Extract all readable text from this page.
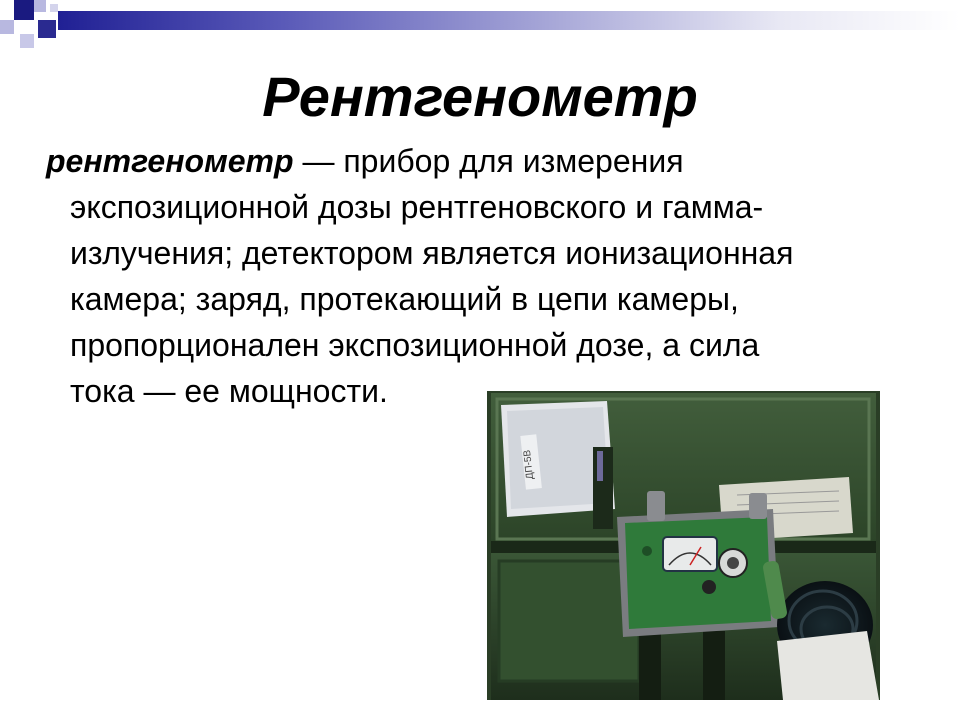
Рентгенометр

рентгенометр — прибор для измерения
экспозиционной дозы рентгеновского и гамма-
излучения; детектором является ионизационная
камера; заряд, протекающий в цепи камеры,
пропорционален экспозиционной дозе, а сила
тока — ее мощности.

ДП-5В
